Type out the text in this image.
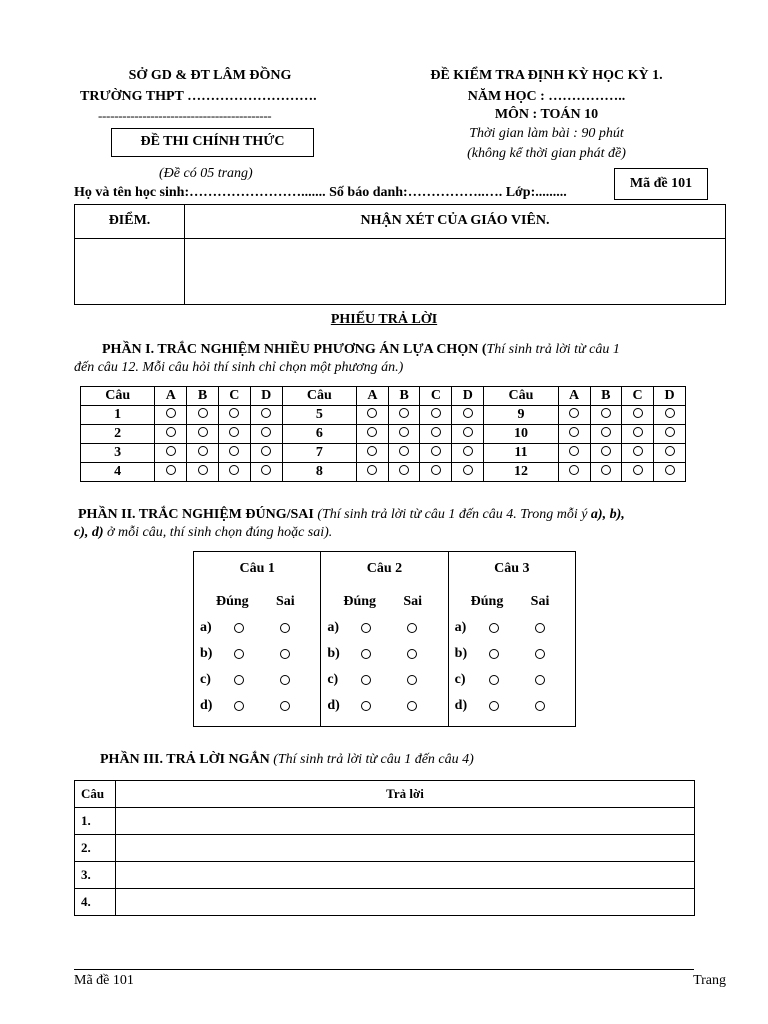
SỞ GD & ĐT LÂM ĐỒNG
TRƯỜNG THPT ……………………….
-------------------------------------------
ĐỀ THI CHÍNH THỨC
(Đề có 05 trang)
ĐỀ KIỂM TRA ĐỊNH KỲ HỌC KỲ 1.
NĂM HỌC : ……………..
MÔN : TOÁN 10
Thời gian làm bài : 90 phút
(không kể thời gian phát đề)
Mã đề 101
Họ và tên học sinh:……………………....... Số báo danh:……………..…. Lớp:.........
ĐIỂM.	NHẬN XÉT CỦA GIÁO VIÊN.
PHIẾU TRẢ LỜI
PHẦN I. TRẮC NGHIỆM NHIỀU PHƯƠNG ÁN LỰA CHỌN (Thí sinh trả lời từ câu 1
đến câu 12. Mỗi câu hỏi thí sinh chỉ chọn một phương án.)
Câu	A	B	C	D	Câu	A	B	C	D	Câu	A	B	C	D
1					5					9				
2					6					10				
3					7					11				
4					8					12				
PHẦN II. TRẮC NGHIỆM ĐÚNG/SAI (Thí sinh trả lời từ câu 1 đến câu 4. Trong mỗi ý a), b),
c), d) ở mỗi câu, thí sinh chọn đúng hoặc sai).
Câu 1
Đúng Sai
a)
b)
c)
d)

Câu 2
Đúng Sai
a)
b)
c)
d)

Câu 3
Đúng Sai
a)
b)
c)
d)
PHẦN III. TRẢ LỜI NGẮN (Thí sinh trả lời từ câu 1 đến câu 4)
Câu	Trả lời
1.	
2.	
3.	
4.	
Mã đề 101	Trang
